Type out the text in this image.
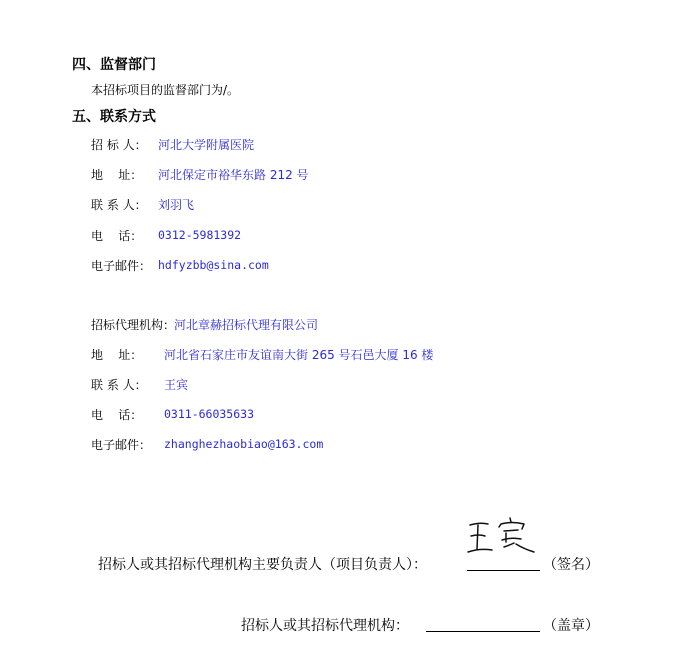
四、监督部门
本招标项目的监督部门为/。
五、联系方式
招 标 人： 河北大学附属医院
地    址： 河北保定市裕华东路 212 号
联 系 人： 刘羽飞
电    话： 0312-5981392
电子邮件： hdfyzbb@sina.com
招标代理机构：
河北章赫招标代理有限公司
地    址： 河北省石家庄市友谊南大街 265 号石邑大厦 16 楼
联 系 人： 王宾
电    话： 0311-66035633
电子邮件： zhanghezhaobiao@163.com
招标人或其招标代理机构主要负责人（项目负责人）：	（签名）
招标人或其招标代理机构：	（盖章）
